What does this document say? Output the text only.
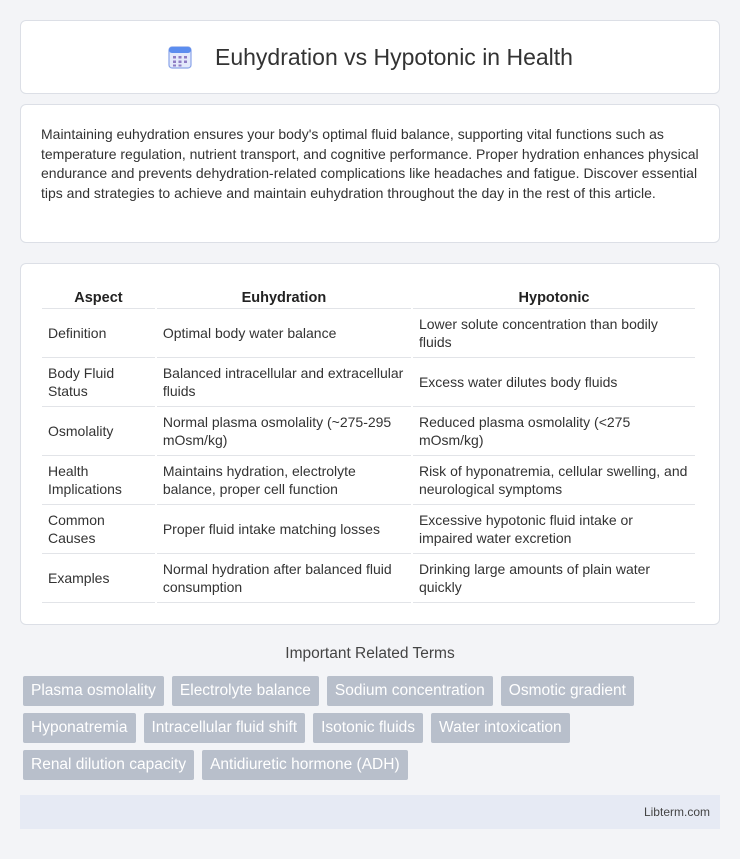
Euhydration vs Hypotonic in Health

Maintaining euhydration ensures your body's optimal fluid balance, supporting vital functions such as temperature regulation, nutrient transport, and cognitive performance. Proper hydration enhances physical endurance and prevents dehydration-related complications like headaches and fatigue. Discover essential tips and strategies to achieve and maintain euhydration throughout the day in the rest of this article.

Aspect	Euhydration	Hypotonic
Definition	Optimal body water balance	Lower solute concentration than bodily fluids
Body Fluid Status	Balanced intracellular and extracellular fluids	Excess water dilutes body fluids
Osmolality	Normal plasma osmolality (~275-295 mOsm/kg)	Reduced plasma osmolality (<275 mOsm/kg)
Health Implications	Maintains hydration, electrolyte balance, proper cell function	Risk of hyponatremia, cellular swelling, and neurological symptoms
Common Causes	Proper fluid intake matching losses	Excessive hypotonic fluid intake or impaired water excretion
Examples	Normal hydration after balanced fluid consumption	Drinking large amounts of plain water quickly
Important Related Terms
Plasma osmolality	Electrolyte balance	Sodium concentration	Osmotic gradient
Hyponatremia	Intracellular fluid shift	Isotonic fluids	Water intoxication
Renal dilution capacity	Antidiuretic hormone (ADH)
Libterm.com
